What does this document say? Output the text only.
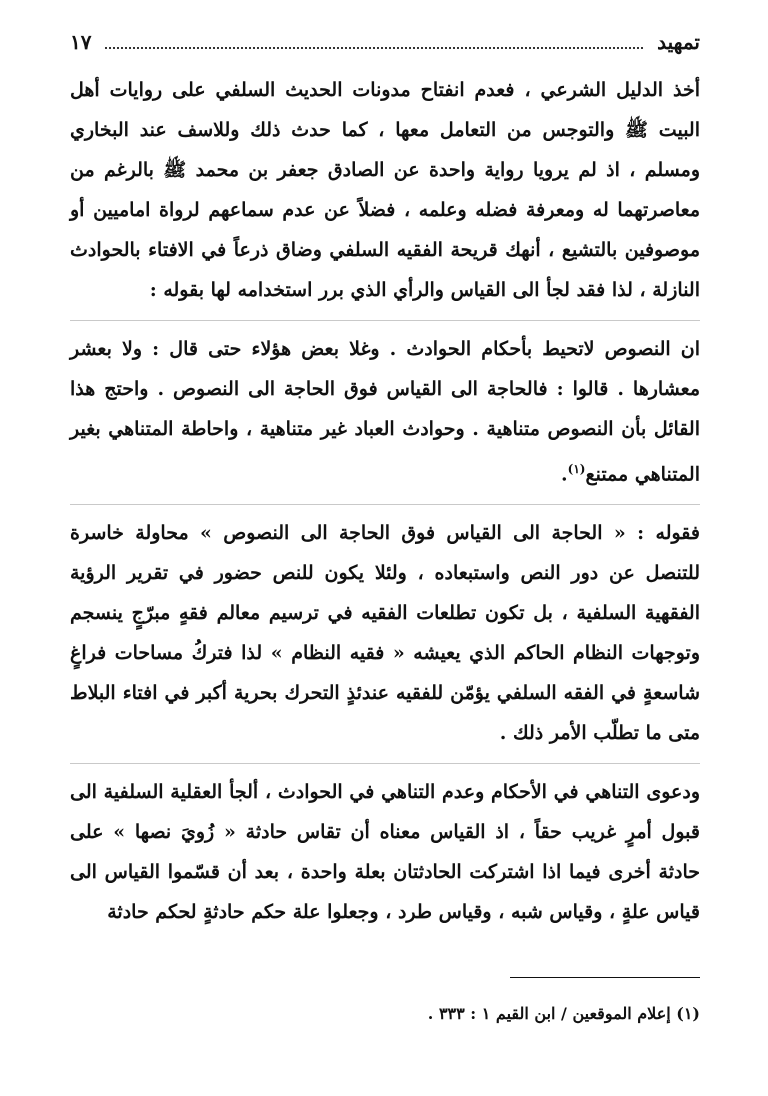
تمهيد
١٧

أخذ الدليل الشرعي ، فعدم انفتاح مدونات الحديث السلفي على روايات أهل البيت ﷺ والتوجس من التعامل معها ، كما حدث ذلك وللاسف عند البخاري ومسلم ، اذ لم يرويا رواية واحدة عن الصادق جعفر بن محمد ﷺ بالرغم من معاصرتهما له ومعرفة فضله وعلمه ، فضلاً عن عدم سماعهم لرواة اماميين أو موصوفين بالتشيع ، أنهك قريحة الفقيه السلفي وضاق ذرعاً في الافتاء بالحوادث النازلة ، لذا فقد لجأ الى القياس والرأي الذي برر استخدامه لها بقوله :

ان النصوص لاتحيط بأحكام الحوادث . وغلا بعض هؤلاء حتى قال : ولا بعشر معشارها . قالوا : فالحاجة الى القياس فوق الحاجة الى النصوص . واحتج هذا القائل بأن النصوص متناهية . وحوادث العباد غير متناهية ، واحاطة المتناهي بغير المتناهي ممتنع$^{(١)}$.

فقوله : « الحاجة الى القياس فوق الحاجة الى النصوص » محاولة خاسرة للتنصل عن دور النص واستبعاده ، ولئلا يكون للنص حضور في تقرير الرؤية الفقهية السلفية ، بل تكون تطلعات الفقيه في ترسيم معالم فقهٍ مبرّجٍ ينسجم وتوجهات النظام الحاكم الذي يعيشه « فقيه النظام » لذا فتركُ مساحات فراغٍ شاسعةٍ في الفقه السلفي يؤمّن للفقيه عندئذٍ التحرك بحرية أكبر في افتاء البلاط متى ما تطلّب الأمر ذلك .

ودعوى التناهي في الأحكام وعدم التناهي في الحوادث ، ألجأ العقلية السلفية الى قبول أمرٍ غريب حقاً ، اذ القياس معناه أن تقاس حادثة « زُويَ نصها » على حادثة أخرى فيما اذا اشتركت الحادثتان بعلة واحدة ، بعد أن قسّموا القياس الى قياس علةٍ ، وقياس شبه ، وقياس طرد ، وجعلوا علة حكم حادثةٍ لحكم حادثة

(١) إعلام الموقعين / ابن القيم ١ : ٣٣٣ .
